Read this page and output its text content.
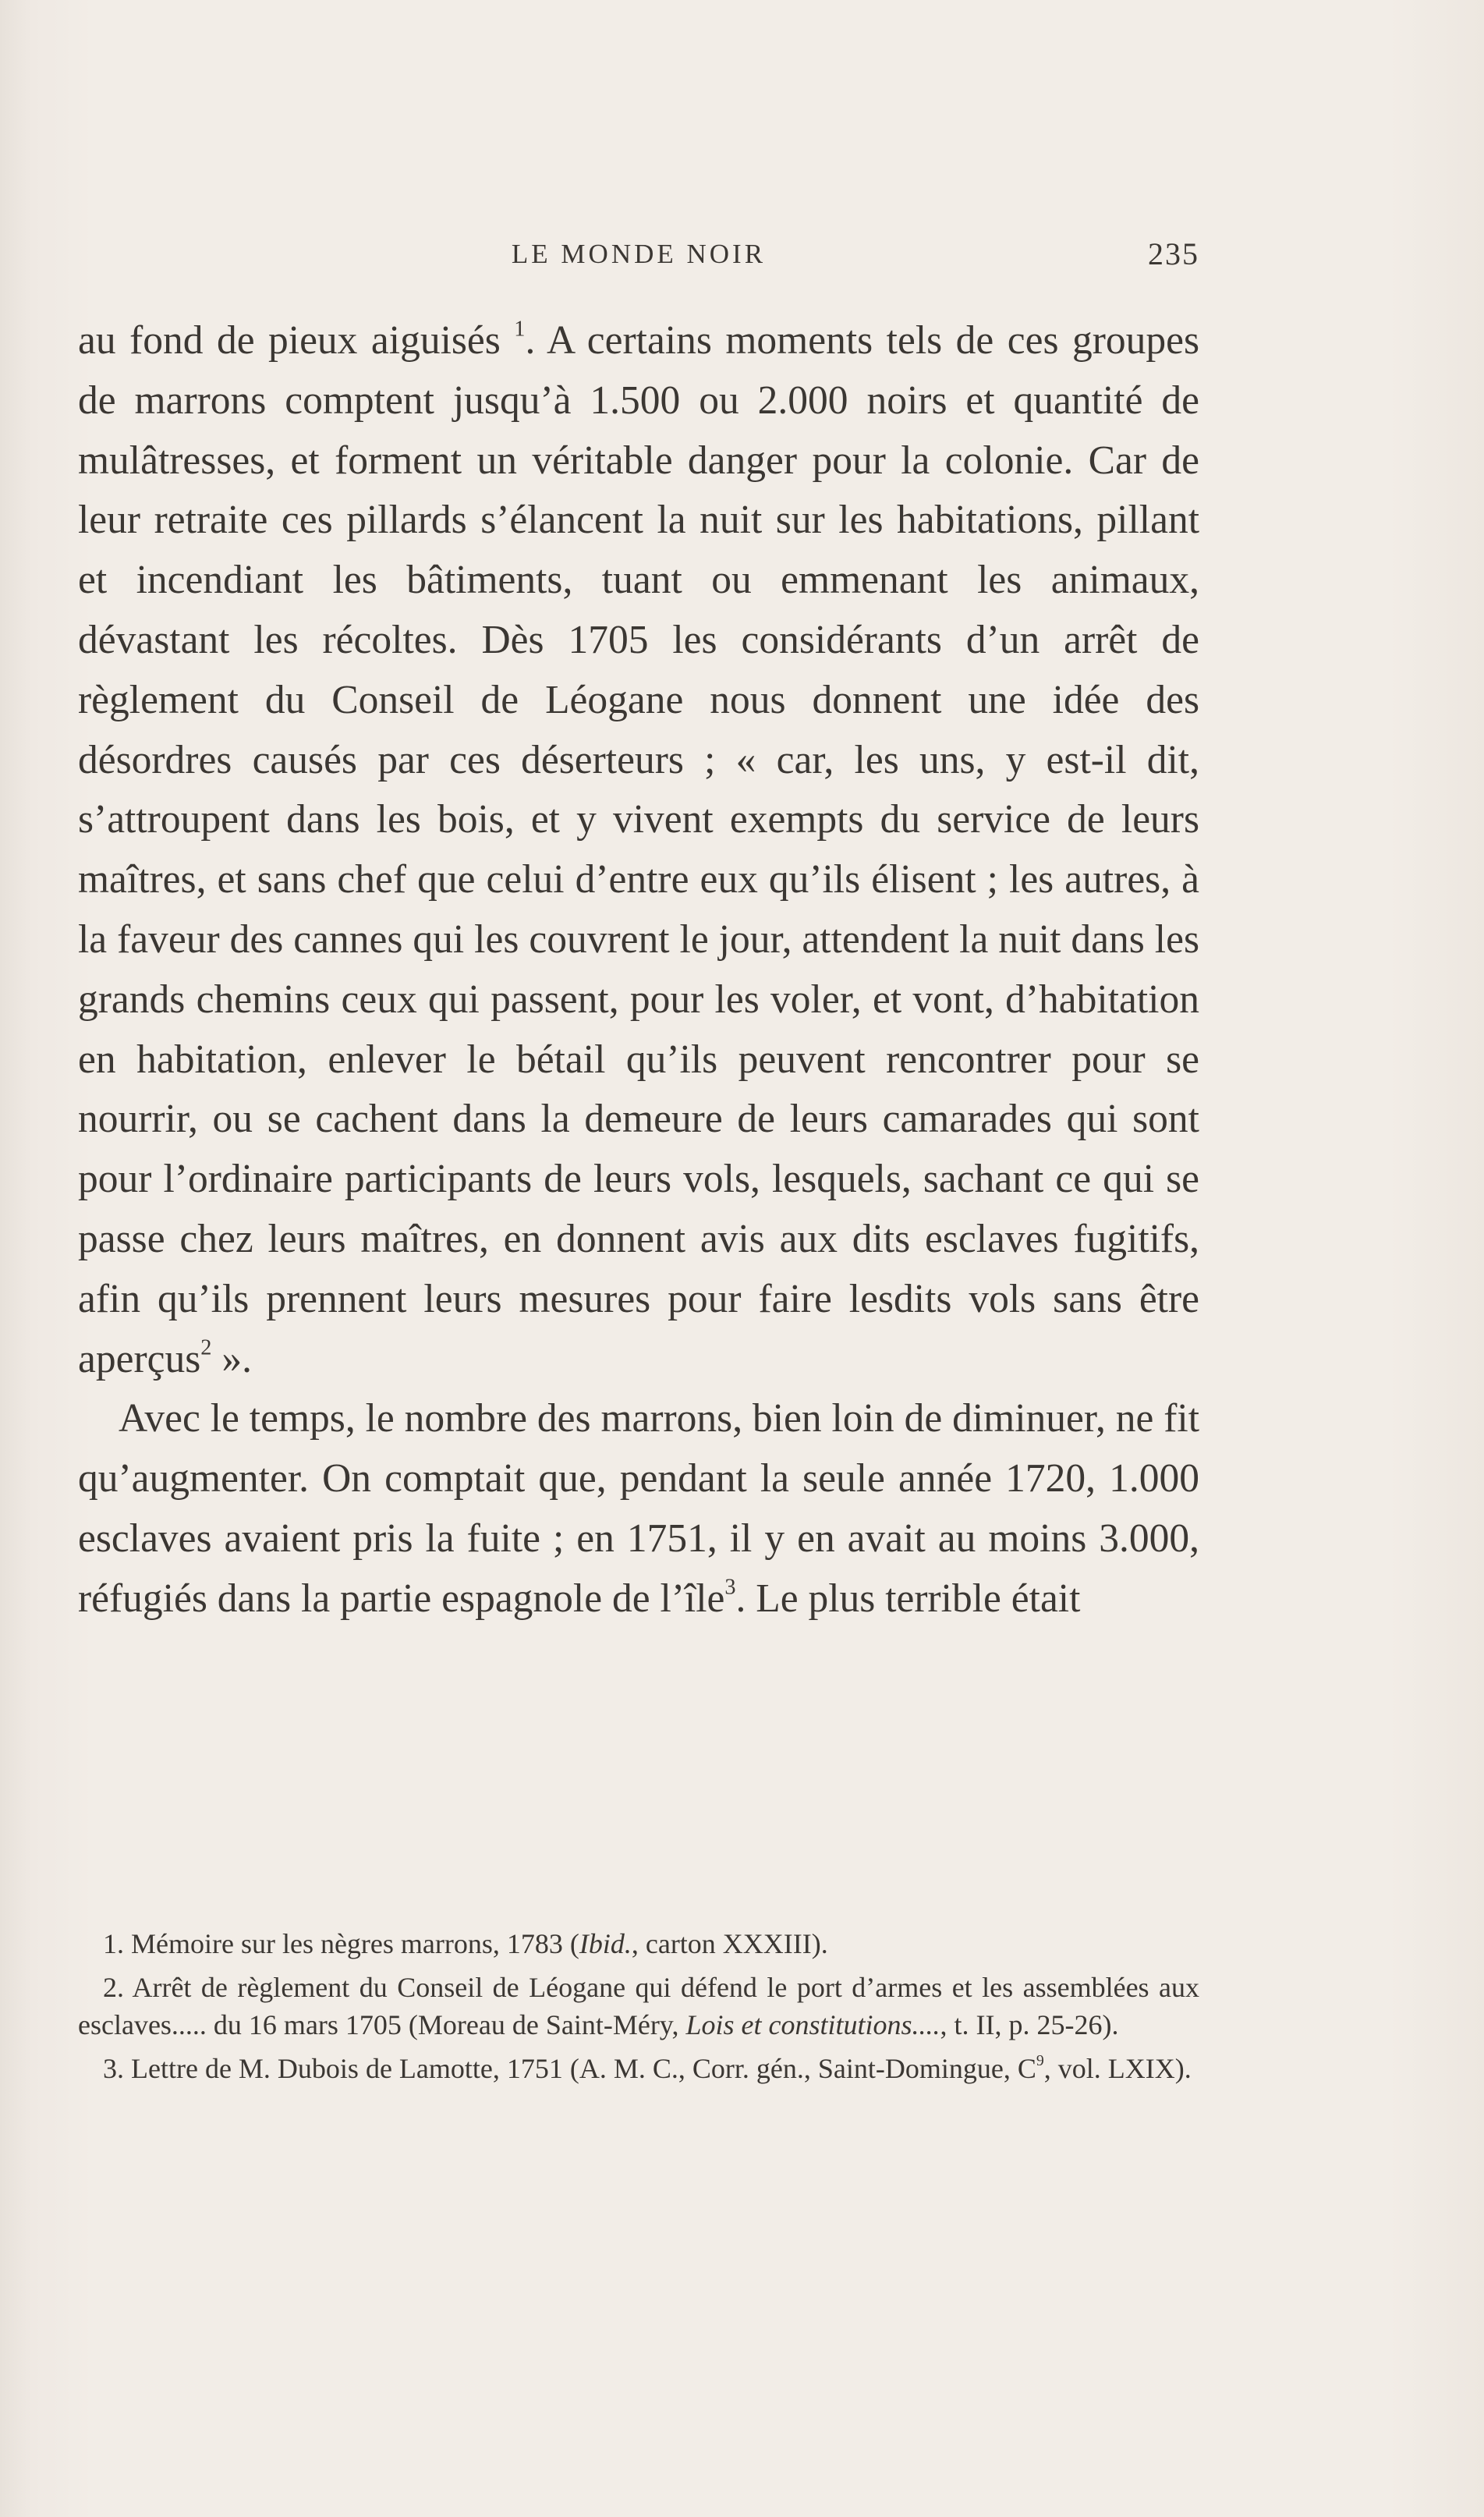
LE MONDE NOIR	235

au fond de pieux aiguisés $^1$. A certains moments tels de ces groupes de marrons comptent jusqu’à 1.500 ou 2.000 noirs et quantité de mulâtresses, et forment un véritable danger pour la colonie. Car de leur retraite ces pillards s’élancent la nuit sur les habitations, pillant et incendiant les bâtiments, tuant ou emmenant les animaux, dévastant les récoltes. Dès 1705 les considérants d’un arrêt de règlement du Conseil de Léogane nous donnent une idée des désordres causés par ces déserteurs ; « car, les uns, y est-il dit, s’attroupent dans les bois, et y vivent exempts du service de leurs maîtres, et sans chef que celui d’entre eux qu’ils élisent ; les autres, à la faveur des cannes qui les couvrent le jour, attendent la nuit dans les grands chemins ceux qui passent, pour les voler, et vont, d’habitation en habitation, enlever le bétail qu’ils peuvent rencontrer pour se nourrir, ou se cachent dans la demeure de leurs camarades qui sont pour l’ordinaire participants de leurs vols, lesquels, sachant ce qui se passe chez leurs maîtres, en donnent avis aux dits esclaves fugitifs, afin qu’ils prennent leurs mesures pour faire lesdits vols sans être aperçus$^2$ ».

Avec le temps, le nombre des marrons, bien loin de diminuer, ne fit qu’augmenter. On comptait que, pendant la seule année 1720, 1.000 esclaves avaient pris la fuite ; en 1751, il y en avait au moins 3.000, réfugiés dans la partie espagnole de l’île$^3$. Le plus terrible était

1. Mémoire sur les nègres marrons, 1783 (Ibid., carton XXXIII).

2. Arrêt de règlement du Conseil de Léogane qui défend le port d’armes et les assemblées aux esclaves..... du 16 mars 1705 (Moreau de Saint-Méry, Lois et constitutions...., t. II, p. 25-26).

3. Lettre de M. Dubois de Lamotte, 1751 (A. M. C., Corr. gén., Saint-Domingue, $C^9$, vol. LXIX).
